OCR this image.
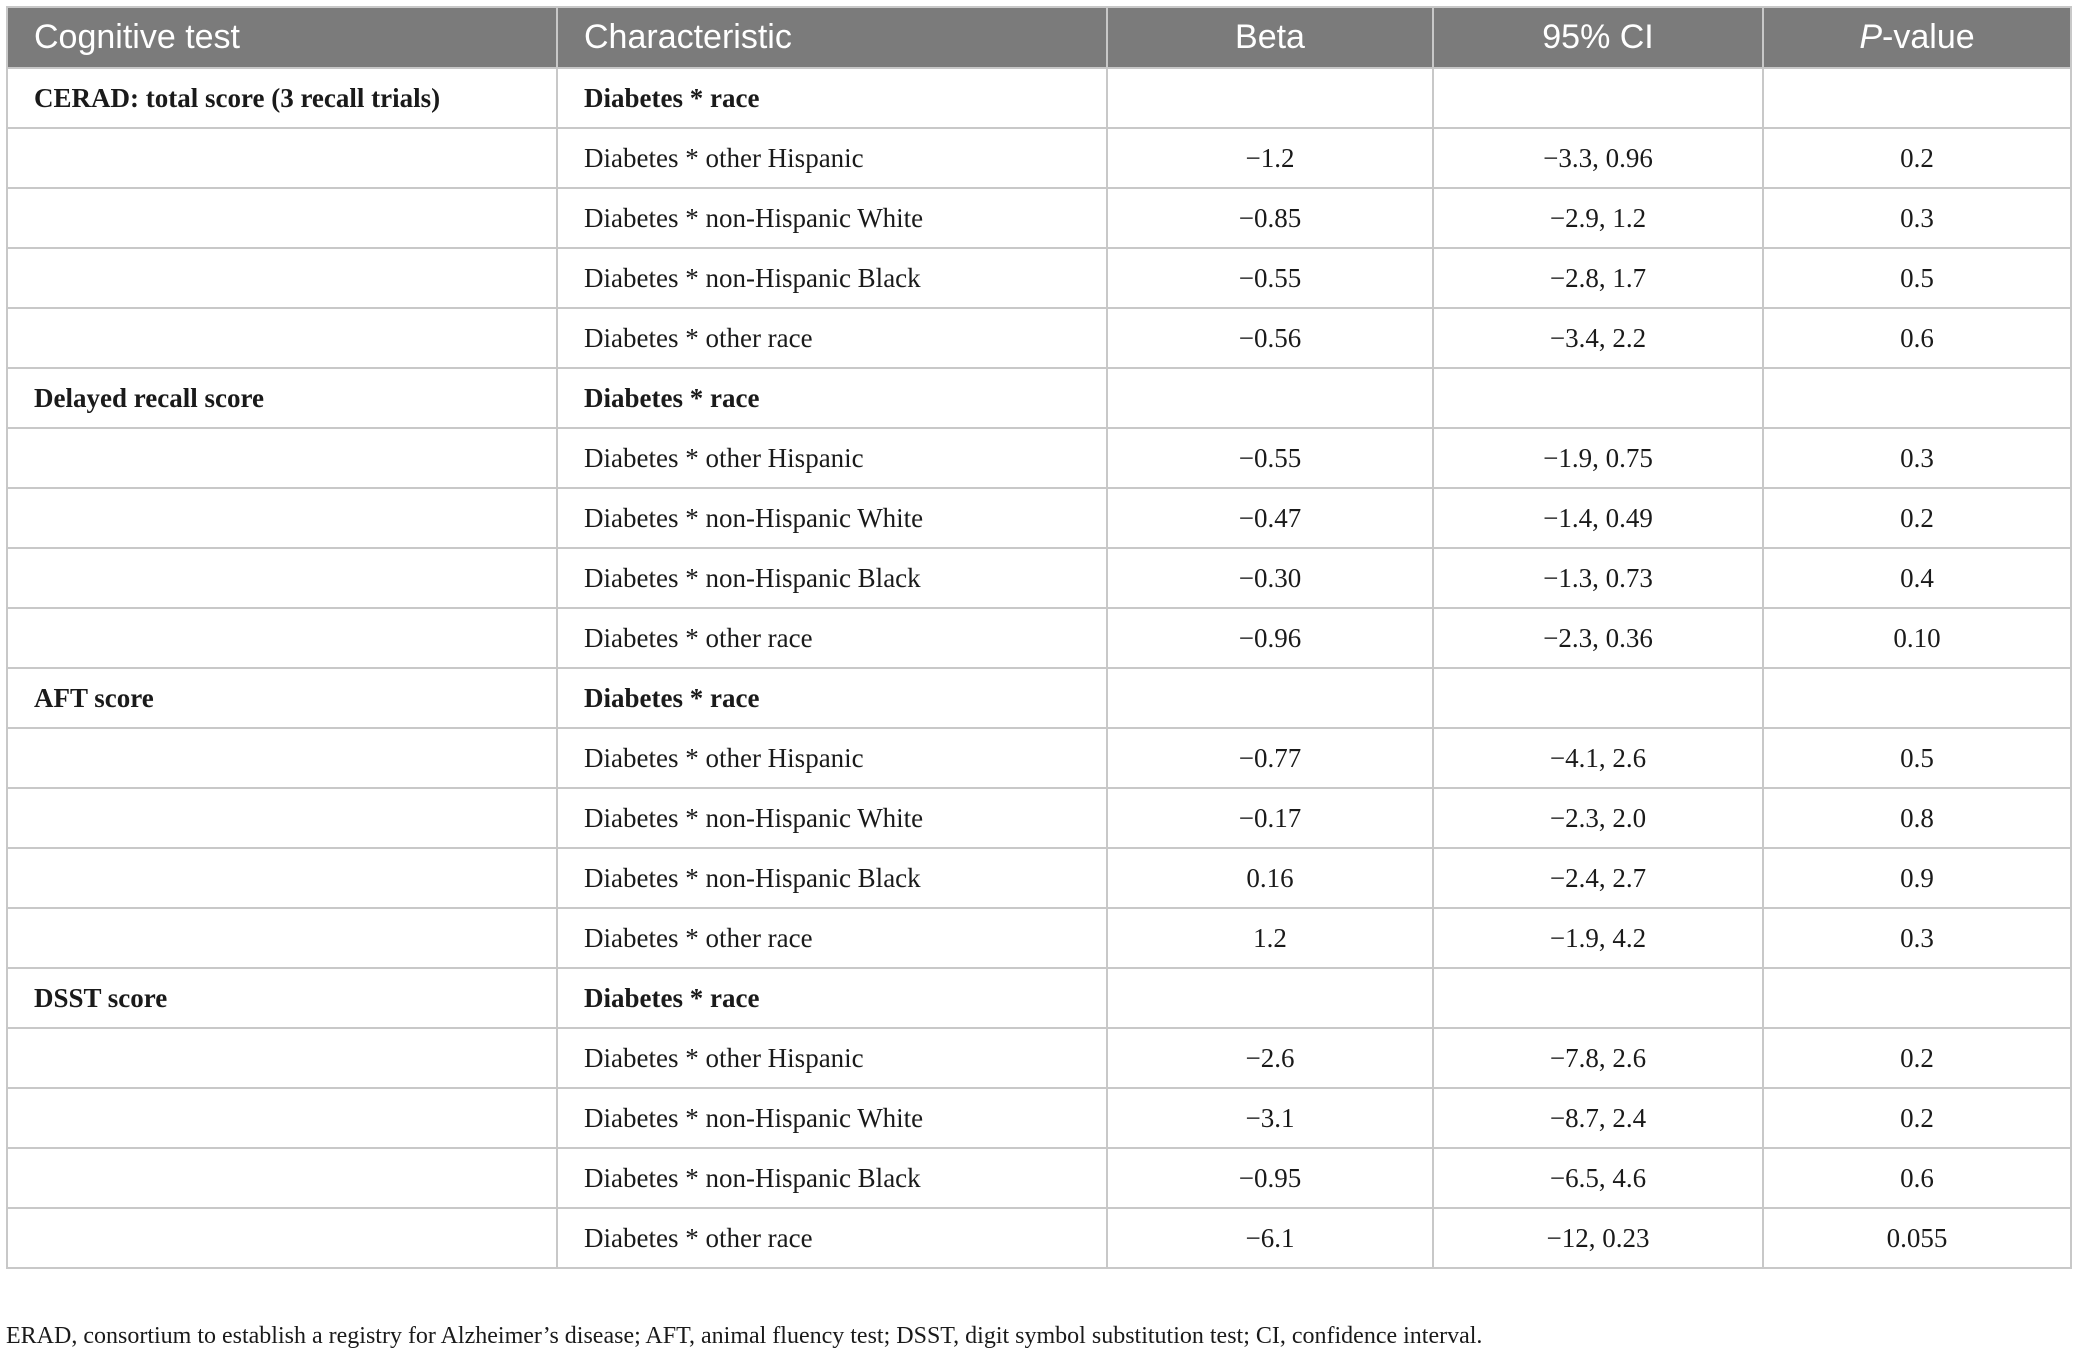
Cognitive test	Characteristic	Beta	95% CI	P-value
CERAD: total score (3 recall trials)	Diabetes * race			
	Diabetes * other Hispanic	−1.2	−3.3, 0.96	0.2
	Diabetes * non-Hispanic White	−0.85	−2.9, 1.2	0.3
	Diabetes * non-Hispanic Black	−0.55	−2.8, 1.7	0.5
	Diabetes * other race	−0.56	−3.4, 2.2	0.6
Delayed recall score	Diabetes * race			
	Diabetes * other Hispanic	−0.55	−1.9, 0.75	0.3
	Diabetes * non-Hispanic White	−0.47	−1.4, 0.49	0.2
	Diabetes * non-Hispanic Black	−0.30	−1.3, 0.73	0.4
	Diabetes * other race	−0.96	−2.3, 0.36	0.10
AFT score	Diabetes * race			
	Diabetes * other Hispanic	−0.77	−4.1, 2.6	0.5
	Diabetes * non-Hispanic White	−0.17	−2.3, 2.0	0.8
	Diabetes * non-Hispanic Black	0.16	−2.4, 2.7	0.9
	Diabetes * other race	1.2	−1.9, 4.2	0.3
DSST score	Diabetes * race			
	Diabetes * other Hispanic	−2.6	−7.8, 2.6	0.2
	Diabetes * non-Hispanic White	−3.1	−8.7, 2.4	0.2
	Diabetes * non-Hispanic Black	−0.95	−6.5, 4.6	0.6
	Diabetes * other race	−6.1	−12, 0.23	0.055
ERAD, consortium to establish a registry for Alzheimer’s disease; AFT, animal fluency test; DSST, digit symbol substitution test; CI, confidence interval.
